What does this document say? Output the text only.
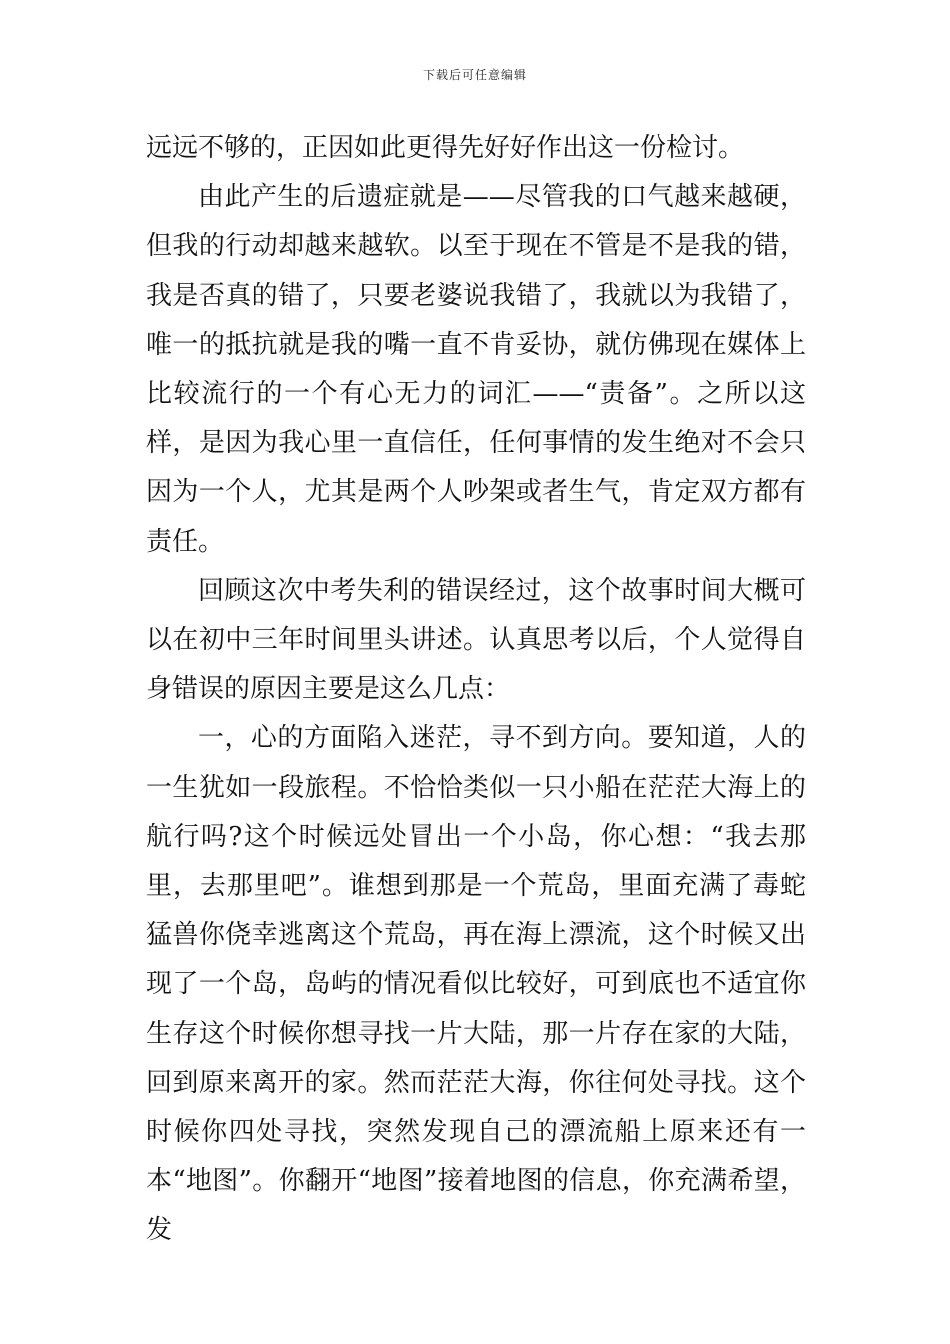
下载后可任意编辑

远远不够的，正因如此更得先好好作出这一份检讨。

由此产生的后遗症就是——尽管我的口气越来越硬，但我的行动却越来越软。以至于现在不管是不是我的错，我是否真的错了，只要老婆说我错了，我就以为我错了，唯一的抵抗就是我的嘴一直不肯妥协，就仿佛现在媒体上比较流行的一个有心无力的词汇——“责备”。之所以这样，是因为我心里一直信任，任何事情的发生绝对不会只因为一个人，尤其是两个人吵架或者生气，肯定双方都有责任。

回顾这次中考失利的错误经过，这个故事时间大概可以在初中三年时间里头讲述。认真思考以后，个人觉得自身错误的原因主要是这么几点：

一，心的方面陷入迷茫，寻不到方向。要知道，人的一生犹如一段旅程。不恰恰类似一只小船在茫茫大海上的航行吗?这个时候远处冒出一个小岛，你心想：“我去那里，去那里吧”。谁想到那是一个荒岛，里面充满了毒蛇猛兽你侥幸逃离这个荒岛，再在海上漂流，这个时候又出现了一个岛，岛屿的情况看似比较好，可到底也不适宜你生存这个时候你想寻找一片大陆，那一片存在家的大陆，回到原来离开的家。然而茫茫大海，你往何处寻找。这个时候你四处寻找，突然发现自己的漂流船上原来还有一本“地图”。你翻开“地图”接着地图的信息，你充满希望，发
